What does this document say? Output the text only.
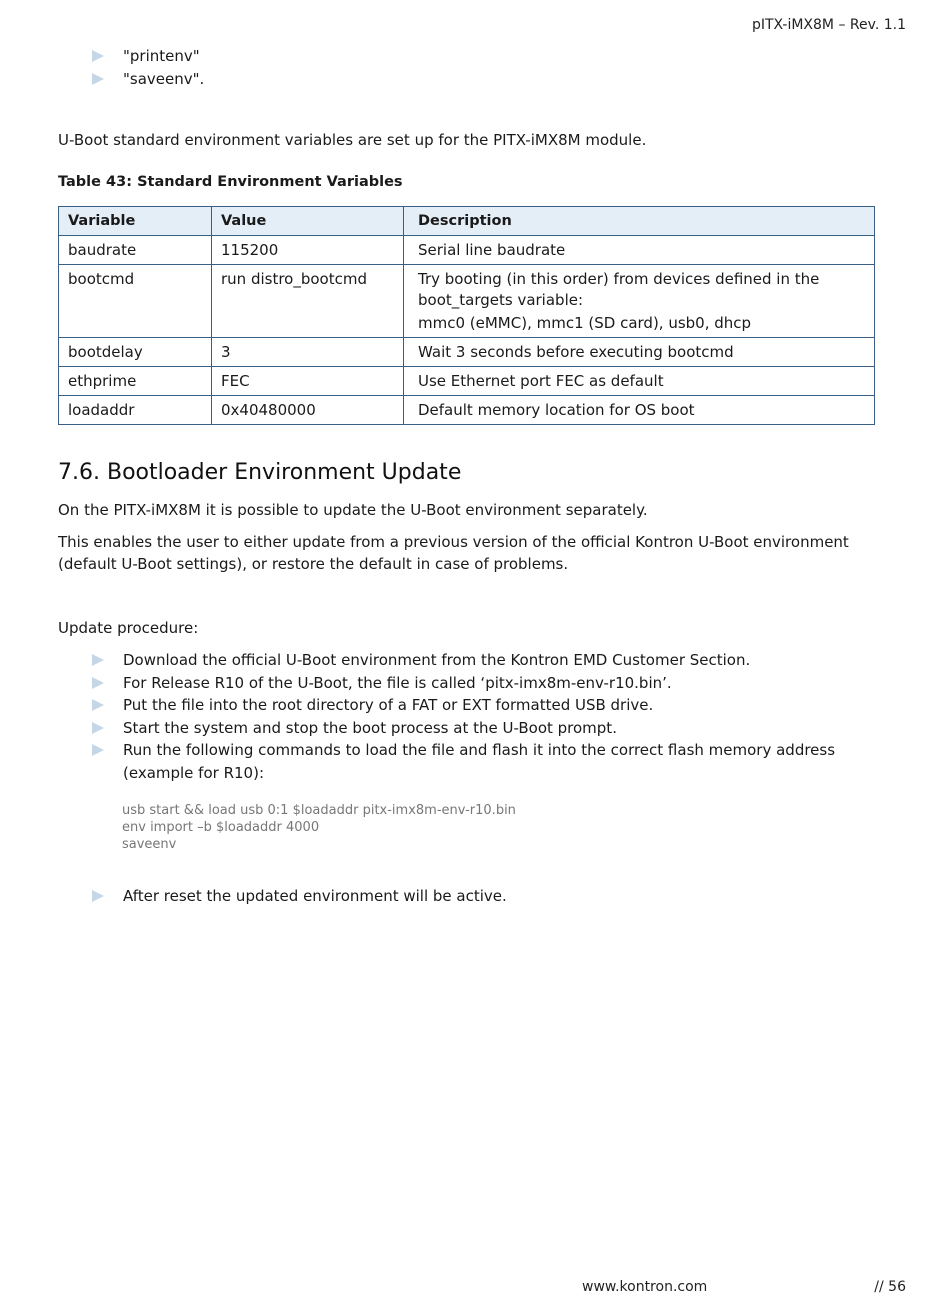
pITX-iMX8M – Rev. 1.1
"printenv"
"saveenv".
U-Boot standard environment variables are set up for the PITX-iMX8M module.
Table 43: Standard Environment Variables
Variable	Value	Description
baudrate	115200	Serial line baudrate

bootcmd	run distro_bootcmd	Try booting (in this order) from devices defined in the boot_targets variable:
mmc0 (eMMC), mmc1 (SD card), usb0, dhcp

bootdelay	3	Wait 3 seconds before executing bootcmd

ethprime	FEC	Use Ethernet port FEC as default

loadaddr	0x40480000	Default memory location for OS boot
7.6. Bootloader Environment Update
On the PITX-iMX8M it is possible to update the U-Boot environment separately.
This enables the user to either update from a previous version of the official Kontron U-Boot environment (default U-Boot settings), or restore the default in case of problems.
Update procedure:
Download the official U-Boot environment from the Kontron EMD Customer Section.
For Release R10 of the U-Boot, the file is called ‘pitx-imx8m-env-r10.bin’.
Put the file into the root directory of a FAT or EXT formatted USB drive.
Start the system and stop the boot process at the U-Boot prompt.
Run the following commands to load the file and flash it into the correct flash memory address (example for R10):
usb start && load usb 0:1 $loadaddr pitx-imx8m-env-r10.bin
env import –b $loadaddr 4000
saveenv
After reset the updated environment will be active.
www.kontron.com	// 56
